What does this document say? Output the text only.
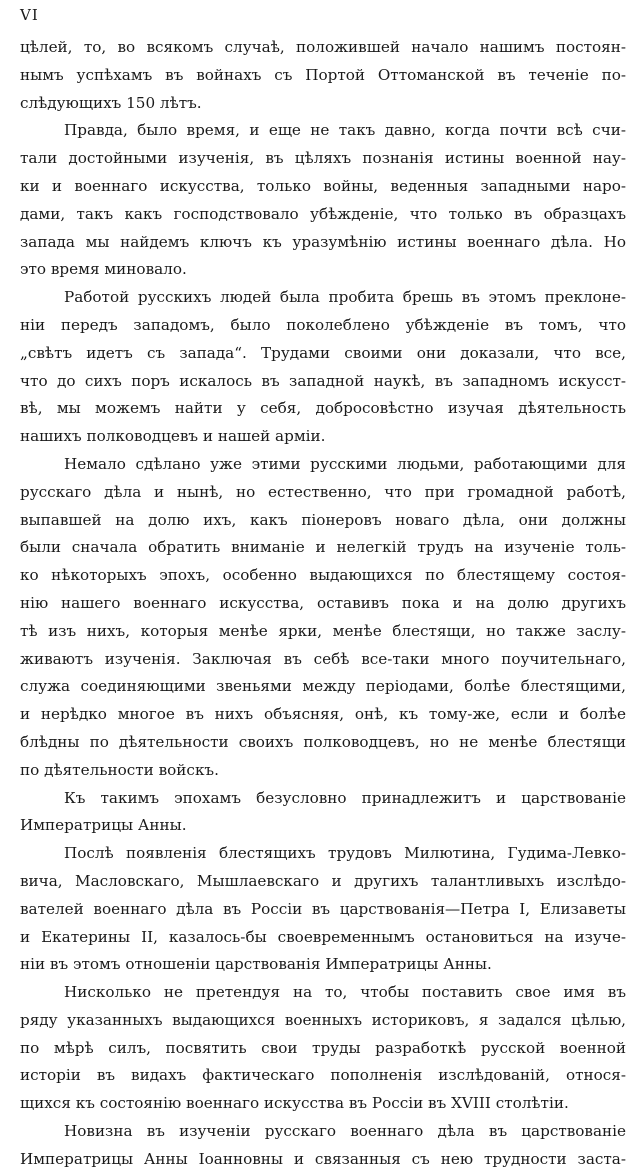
VI
цѣлей, то, во всякомъ случаѣ, положившей начало нашимъ постоян-
нымъ успѣхамъ въ войнахъ съ Портой Оттоманской въ теченіе по-
слѣдующихъ 150 лѣтъ.
Правда, было время, и еще не такъ давно, когда почти всѣ счи-
тали достойными изученія, въ цѣляхъ познанія истины военной нау-
ки и военнаго искусства, только войны, веденныя западными наро-
дами, такъ какъ господствовало убѣжденіе, что только въ образцахъ
запада мы найдемъ ключъ къ уразумѣнію истины военнаго дѣла. Но
это время миновало.
Работой русскихъ людей была пробита брешь въ этомъ преклоне-
ніи передъ западомъ, было поколеблено убѣжденіе въ томъ, что
„свѣтъ идетъ съ запада“. Трудами своими они доказали, что все,
что до сихъ поръ искалось въ западной наукѣ, въ западномъ искусст-
вѣ, мы можемъ найти у себя, добросовѣстно изучая дѣятельность
нашихъ полководцевъ и нашей арміи.
Немало сдѣлано уже этими русскими людьми, работающими для
русскаго дѣла и нынѣ, но естественно, что при громадной работѣ,
выпавшей на долю ихъ, какъ піонеровъ новаго дѣла, они должны
были сначала обратить вниманіе и нелегкій трудъ на изученіе толь-
ко нѣкоторыхъ эпохъ, особенно выдающихся по блестящему состоя-
нію нашего военнаго искусства, оставивъ пока и на долю другихъ
тѣ изъ нихъ, которыя менѣе ярки, менѣе блестящи, но также заслу-
живаютъ изученія. Заключая въ себѣ все-таки много поучительнаго,
служа соединяющими звеньями между періодами, болѣе блестящими,
и нерѣдко многое въ нихъ объясняя, онѣ, къ тому-же, если и болѣе
блѣдны по дѣятельности своихъ полководцевъ, но не менѣе блестящи
по дѣятельности войскъ.
Къ такимъ эпохамъ безусловно принадлежитъ и царствованіе
Императрицы Анны.
Послѣ появленія блестящихъ трудовъ Милютина, Гудима-Левко-
вича, Масловскаго, Мышлаевскаго и другихъ талантливыхъ изслѣдо-
вателей военнаго дѣла въ Россіи въ царствованія—Петра I, Елизаветы
и Екатерины II, казалось-бы своевременнымъ остановиться на изуче-
ніи въ этомъ отношеніи царствованія Императрицы Анны.
Нисколько не претендуя на то, чтобы поставить свое имя въ
ряду указанныхъ выдающихся военныхъ историковъ, я задался цѣлью,
по мѣрѣ силъ, посвятить свои труды разработкѣ русской военной
исторіи въ видахъ фактическаго пополненія изслѣдованій, относя-
щихся къ состоянію военнаго искусства въ Россіи въ XVIII столѣтіи.
Новизна въ изученіи русскаго военнаго дѣла въ царствованіе
Императрицы Анны Іоанновны и связанныя съ нею трудности заста-
